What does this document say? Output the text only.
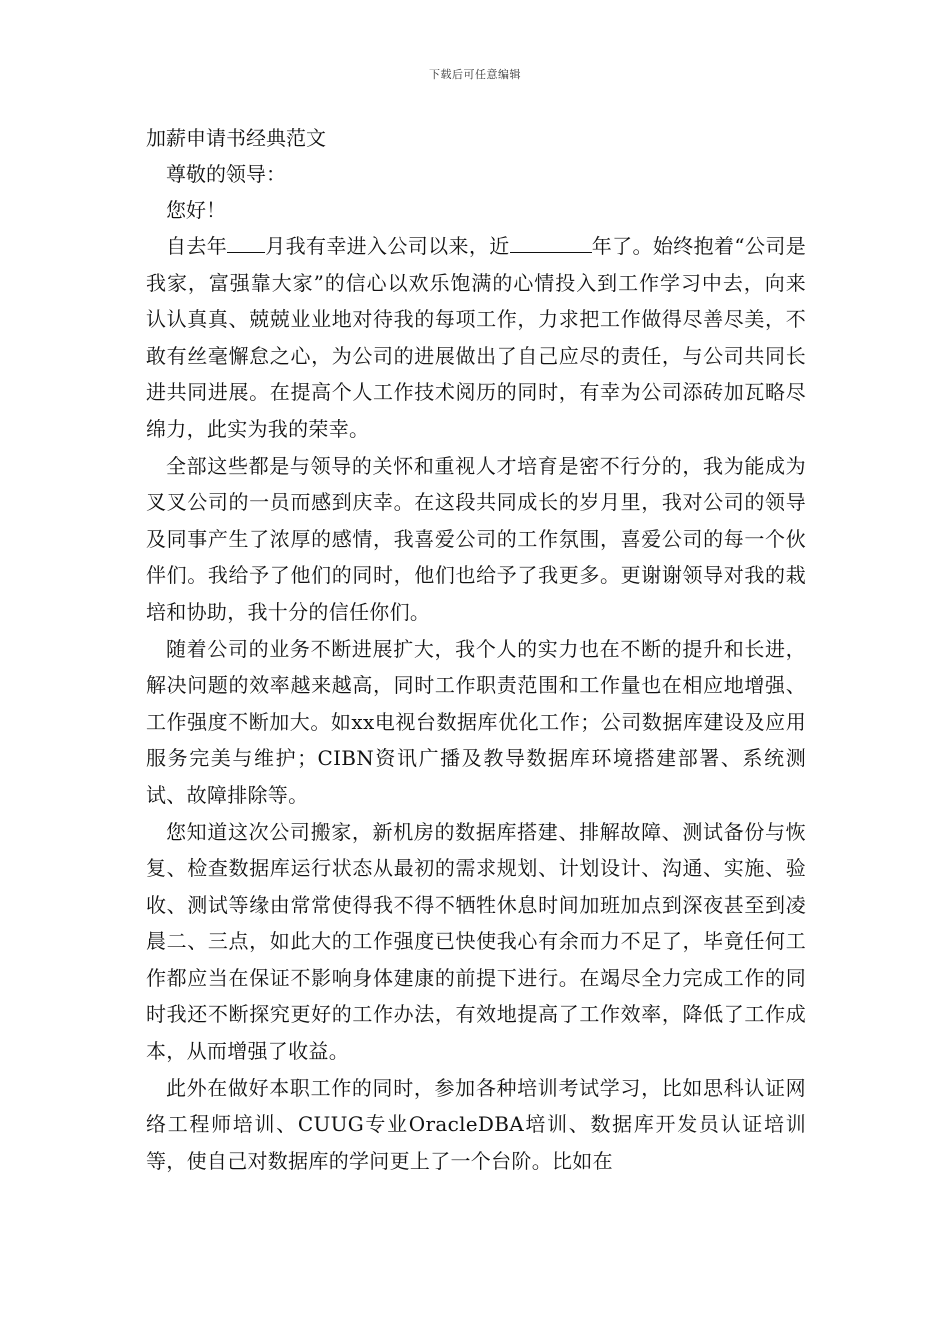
下载后可任意编辑

加薪申请书经典范文

尊敬的领导：

您好！

自去年 月我有幸进入公司以来，近	年了。始终抱着“公司是我家，富强靠大家”的信心以欢乐饱满的心情投入到工作学习中去，向来认认真真、兢兢业业地对待我的每项工作，力求把工作做得尽善尽美，不敢有丝毫懈怠之心，为公司的进展做出了自己应尽的责任，与公司共同长进共同进展。在提高个人工作技术阅历的同时，有幸为公司添砖加瓦略尽绵力，此实为我的荣幸。

全部这些都是与领导的关怀和重视人才培育是密不行分的，我为能成为叉叉公司的一员而感到庆幸。在这段共同成长的岁月里，我对公司的领导及同事产生了浓厚的感情，我喜爱公司的工作氛围，喜爱公司的每一个伙伴们。我给予了他们的同时，他们也给予了我更多。更谢谢领导对我的栽培和协助，我十分的信任你们。

随着公司的业务不断进展扩大，我个人的实力也在不断的提升和长进，解决问题的效率越来越高，同时工作职责范围和工作量也在相应地增强、工作强度不断加大。如xx电视台数据库优化工作；公司数据库建设及应用服务完美与维护；CIBN资讯广播及教导数据库环境搭建部署、系统测试、故障排除等。

您知道这次公司搬家，新机房的数据库搭建、排解故障、测试备份与恢复、检查数据库运行状态从最初的需求规划、计划设计、沟通、实施、验收、测试等缘由常常使得我不得不牺牲休息时间加班加点到深夜甚至到凌晨二、三点，如此大的工作强度已快使我心有余而力不足了，毕竟任何工作都应当在保证不影响身体建康的前提下进行。在竭尽全力完成工作的同时我还不断探究更好的工作办法，有效地提高了工作效率，降低了工作成本，从而增强了收益。

此外在做好本职工作的同时，参加各种培训考试学习，比如思科认证网络工程师培训、CUUG专业OracleDBA培训、数据库开发员认证培训等，使自己对数据库的学问更上了一个台阶。比如在
